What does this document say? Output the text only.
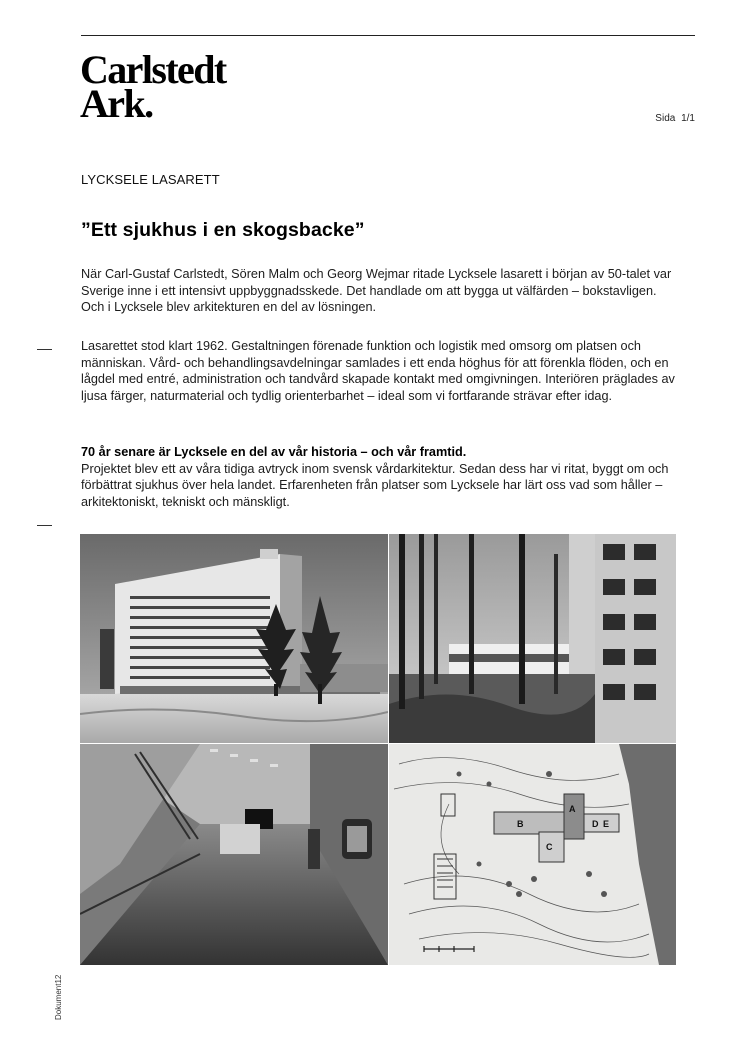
Carlstedt
Ark.	Sida 1/1
LYCKSELE LASARETT
”Ett sjukhus i en skogsbacke”

När Carl-Gustaf Carlstedt, Sören Malm och Georg Wejmar ritade Lycksele lasarett i början av 50-talet var Sverige inne i ett intensivt uppbyggnadsskede. Det handlade om att bygga ut välfärden – bokstavligen. Och i Lycksele blev arkitekturen en del av lösningen.

Lasarettet stod klart 1962. Gestaltningen förenade funktion och logistik med omsorg om platsen och människan. Vård- och behandlingsavdelningar samlades i ett enda höghus för att förenkla flöden, och en lågdel med entré, administration och tandvård skapade kontakt med omgivningen. Interiören präglades av ljusa färger, naturmaterial och tydlig orienterbarhet – ideal som vi fortfarande strävar efter idag.

70 år senare är Lycksele en del av vår historia – och vår framtid.
Projektet blev ett av våra tidiga avtryck inom svensk vårdarkitektur. Sedan dess har vi ritat, byggt om och förbättrat sjukhus över hela landet. Erfarenheten från platser som Lycksele har lärt oss vad som håller – arkitektoniskt, tekniskt och mänskligt.
A
B
C
D E
Dokument12
